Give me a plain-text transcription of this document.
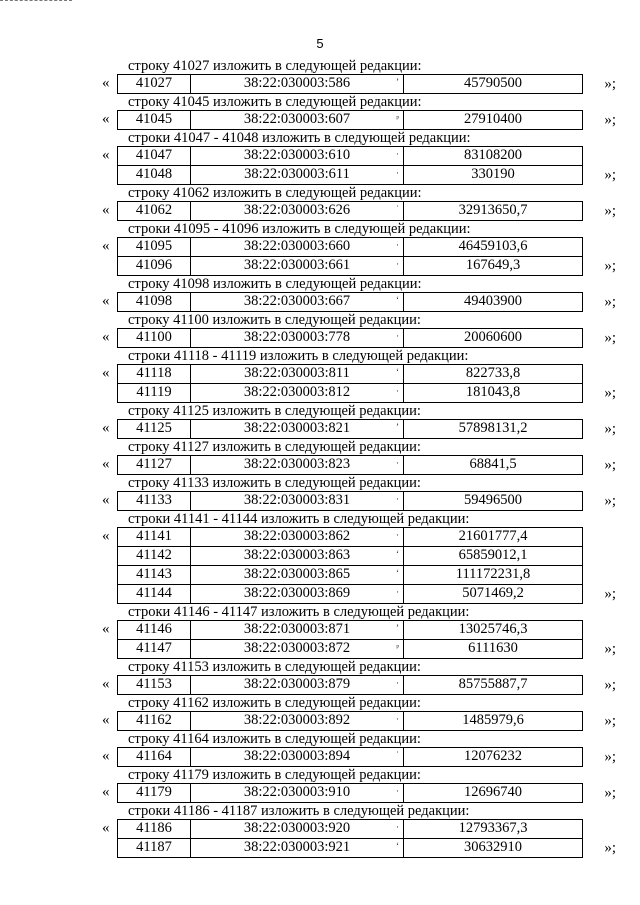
5
строку 41027 изложить в следующей редакции:
«	41027	38:22:030003:586	ʼ	45790500	»;
строку 41045 изложить в следующей редакции:
«	41045	38:22:030003:607	ᵖ	27910400	»;
строки 41047 - 41048 изложить в следующей редакции:
«	41047	38:22:030003:610	·	83108200
41048	38:22:030003:611	·	330190	»;
строку 41062 изложить в следующей редакции:
«	41062	38:22:030003:626	ʾ	32913650,7	»;
строки 41095 - 41096 изложить в следующей редакции:
«	41095	38:22:030003:660	·	46459103,6
41096	38:22:030003:661	·	167649,3	»;
строку 41098 изложить в следующей редакции:
«	41098	38:22:030003:667	ʻ	49403900	»;
строку 41100 изложить в следующей редакции:
«	41100	38:22:030003:778	·	20060600	»;
строки 41118 - 41119 изложить в следующей редакции:
«	41118	38:22:030003:811	ʻ	822733,8
41119	38:22:030003:812	·	181043,8	»;
строку 41125 изложить в следующей редакции:
«	41125	38:22:030003:821	ʼ	57898131,2	»;
строку 41127 изложить в следующей редакции:
«	41127	38:22:030003:823	·	68841,5	»;
строку 41133 изложить в следующей редакции:
«	41133	38:22:030003:831	·	59496500	»;
строки 41141 - 41144 изложить в следующей редакции:
«	41141	38:22:030003:862	·	21601777,4
41142	38:22:030003:863	ʻ	65859012,1
41143	38:22:030003:865	ʻ	111172231,8
41144	38:22:030003:869	·	5071469,2	»;
строки 41146 - 41147 изложить в следующей редакции:
«	41146	38:22:030003:871	ʼ	13025746,3
41147	38:22:030003:872	ᵖ	6111630	»;
строку 41153 изложить в следующей редакции:
«	41153	38:22:030003:879	·	85755887,7	»;
строку 41162 изложить в следующей редакции:
«	41162	38:22:030003:892	·	1485979,6	»;
строку 41164 изложить в следующей редакции:
«	41164	38:22:030003:894	ʾ	12076232	»;
строку 41179 изложить в следующей редакции:
«	41179	38:22:030003:910	·	12696740	»;
строки 41186 - 41187 изложить в следующей редакции:
«	41186	38:22:030003:920	·	12793367,3
41187	38:22:030003:921	ʻ	30632910	»;
